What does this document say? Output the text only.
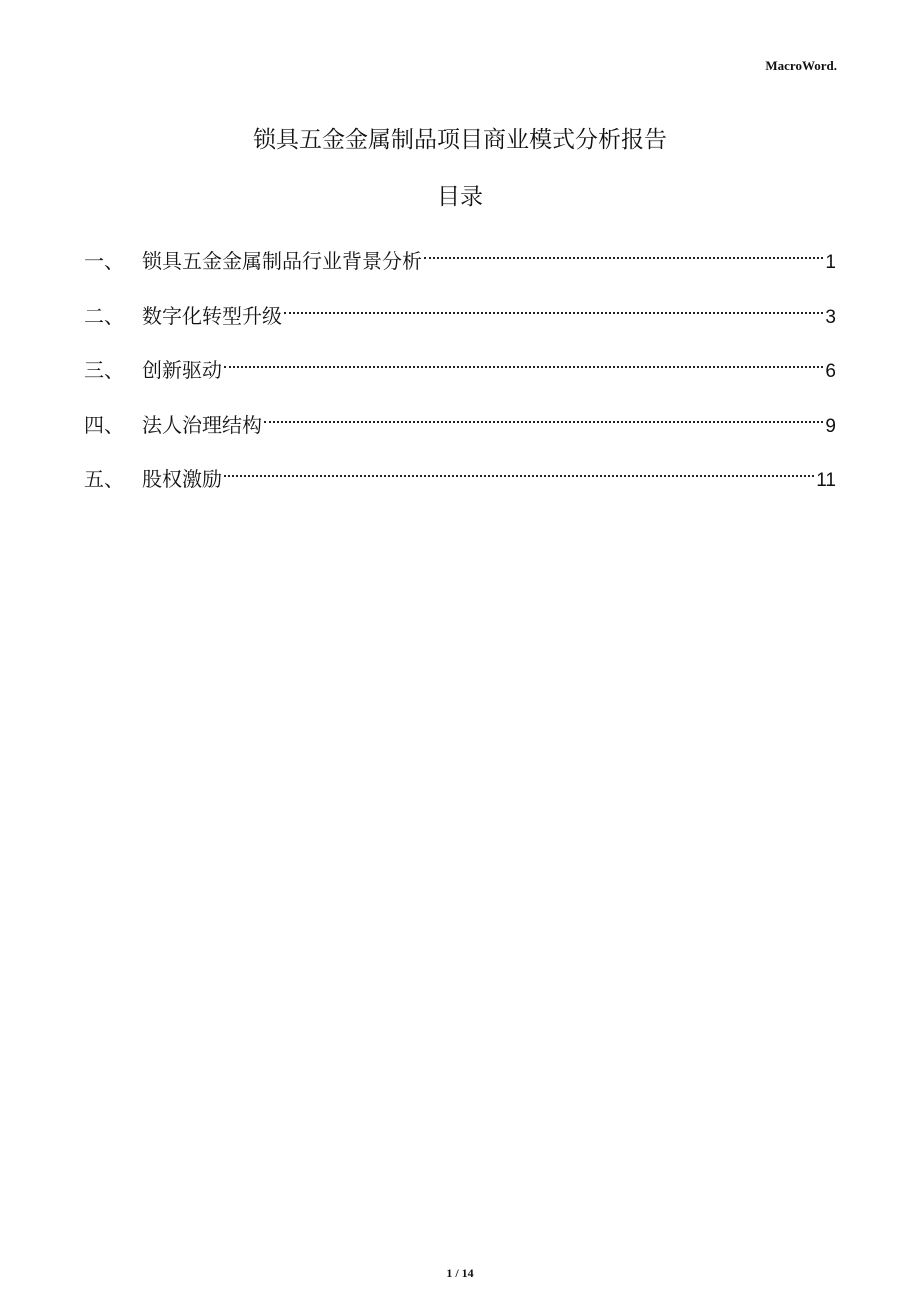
MacroWord.
锁具五金金属制品项目商业模式分析报告
目录
一、 锁具五金金属制品行业背景分析	1
二、 数字化转型升级	3
三、 创新驱动	6
四、 法人治理结构	9
五、 股权激励	11
1 / 14
